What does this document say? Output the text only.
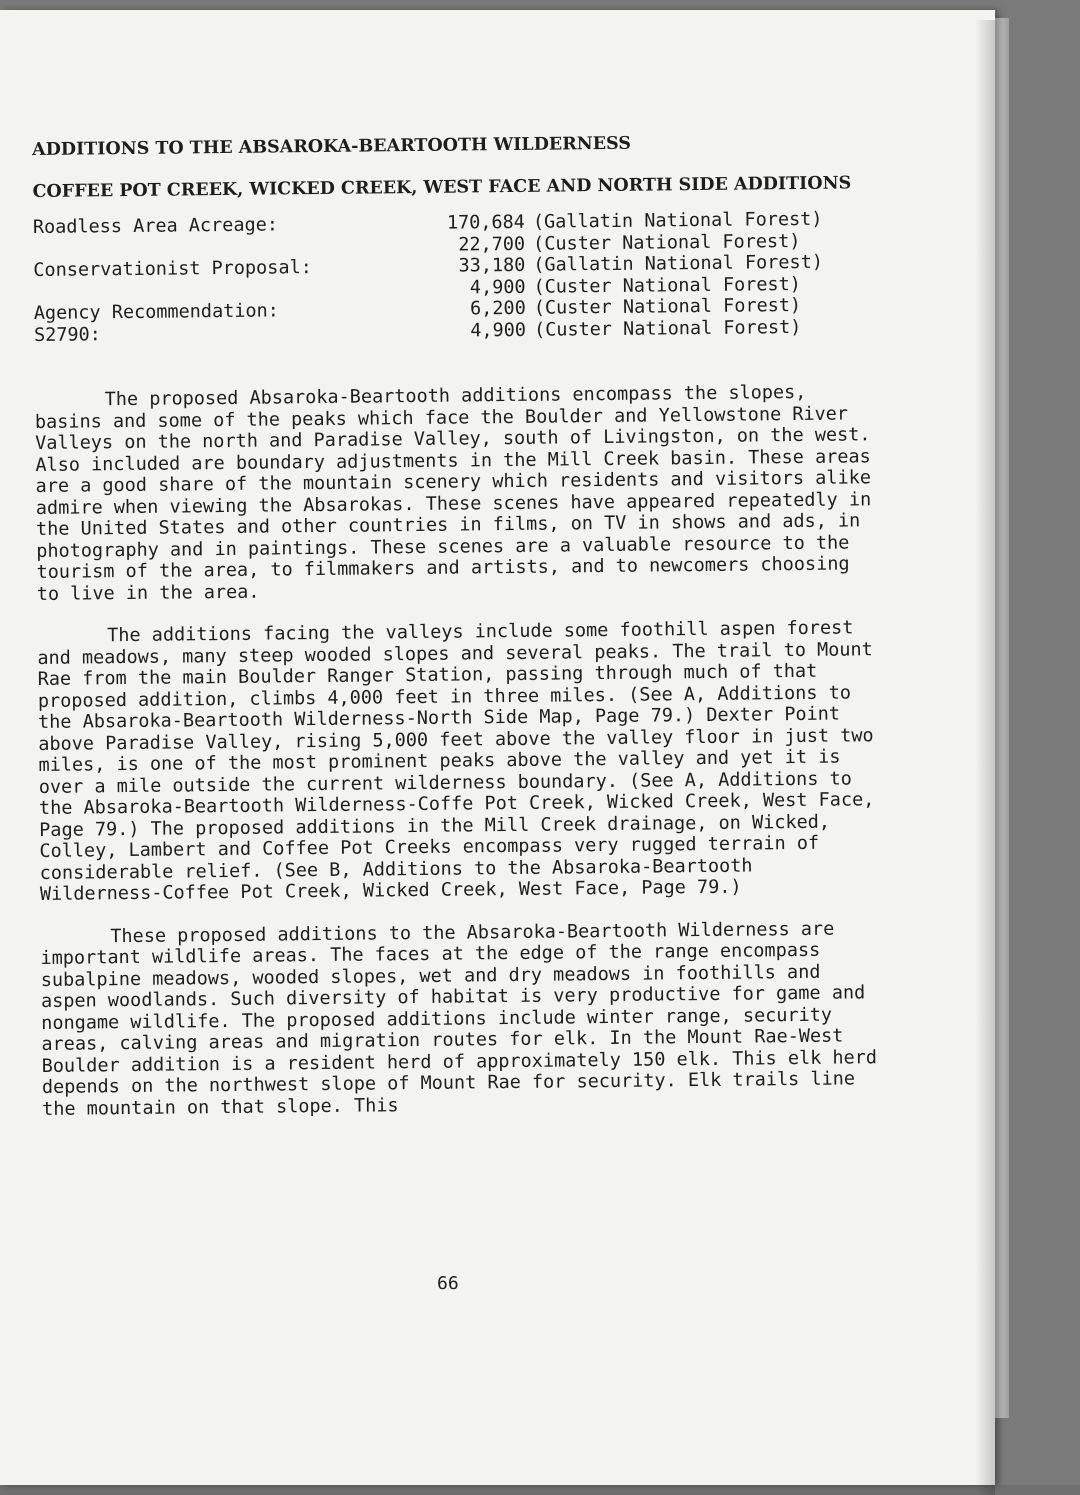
ADDITIONS TO THE ABSAROKA-BEARTOOTH WILDERNESS
COFFEE POT CREEK, WICKED CREEK, WEST FACE AND NORTH SIDE ADDITIONS
Roadless Area Acreage:	170,684 (Gallatin National Forest)
22,700 (Custer National Forest)
Conservationist Proposal:	33,180 (Gallatin National Forest)
4,900 (Custer National Forest)
Agency Recommendation:	6,200 (Custer National Forest)
S2790:	4,900 (Custer National Forest)

The proposed Absaroka-Beartooth additions encompass the slopes, basins and some of the peaks which face the Boulder and Yellowstone River Valleys on the north and Paradise Valley, south of Livingston, on the west. Also included are boundary adjustments in the Mill Creek basin. These areas are a good share of the mountain scenery which residents and visitors alike admire when viewing the Absarokas. These scenes have appeared repeatedly in the United States and other countries in films, on TV in shows and ads, in photography and in paintings. These scenes are a valuable resource to the tourism of the area, to filmmakers and artists, and to newcomers choosing to live in the area.

The additions facing the valleys include some foothill aspen forest and meadows, many steep wooded slopes and several peaks. The trail to Mount Rae from the main Boulder Ranger Station, passing through much of that proposed addition, climbs 4,000 feet in three miles. (See A, Additions to the Absaroka-Beartooth Wilderness-North Side Map, Page 79.) Dexter Point above Paradise Valley, rising 5,000 feet above the valley floor in just two miles, is one of the most prominent peaks above the valley and yet it is over a mile outside the current wilderness boundary. (See A, Additions to the Absaroka-Beartooth Wilderness-Coffe Pot Creek, Wicked Creek, West Face, Page 79.) The proposed additions in the Mill Creek drainage, on Wicked, Colley, Lambert and Coffee Pot Creeks encompass very rugged terrain of considerable relief. (See B, Additions to the Absaroka-Beartooth Wilderness-Coffee Pot Creek, Wicked Creek, West Face, Page 79.)

These proposed additions to the Absaroka-Beartooth Wilderness are important wildlife areas. The faces at the edge of the range encompass subalpine meadows, wooded slopes, wet and dry meadows in foothills and aspen woodlands. Such diversity of habitat is very productive for game and nongame wildlife. The proposed additions include winter range, security areas, calving areas and migration routes for elk. In the Mount Rae-West Boulder addition is a resident herd of approximately 150 elk. This elk herd depends on the northwest slope of Mount Rae for security. Elk trails line the mountain on that slope. This

66
